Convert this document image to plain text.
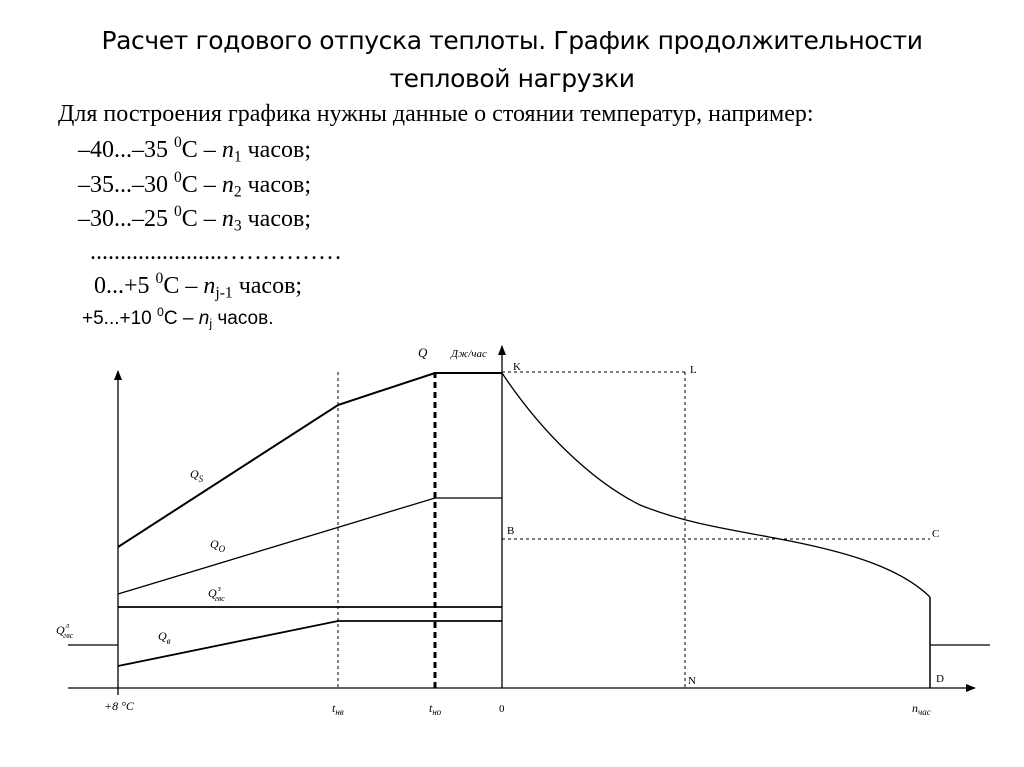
Расчет годового отпуска теплоты. График продолжительности
тепловой нагрузки
Для построения графика нужны данные о стоянии температур, например:
–40...–35 $^0С - n_1$ часов;
–35...–30 $^0С - n_2$ часов;
–30...–25 $^0С - n_3$ часов;
......................……………
0...+5 $^0С - n_{j-1}$ часов;
+5...+10 $^0С - n_j$ часов.
Q Дж/час
K	L
B	C
N	D
$Q_S$
$Q_O$
$Q^з$ гвс
$Q_в$
$Q^л$ гвс
+8 °C	$t_{нв}$	$t_{но}$	0	$n_{час}$
